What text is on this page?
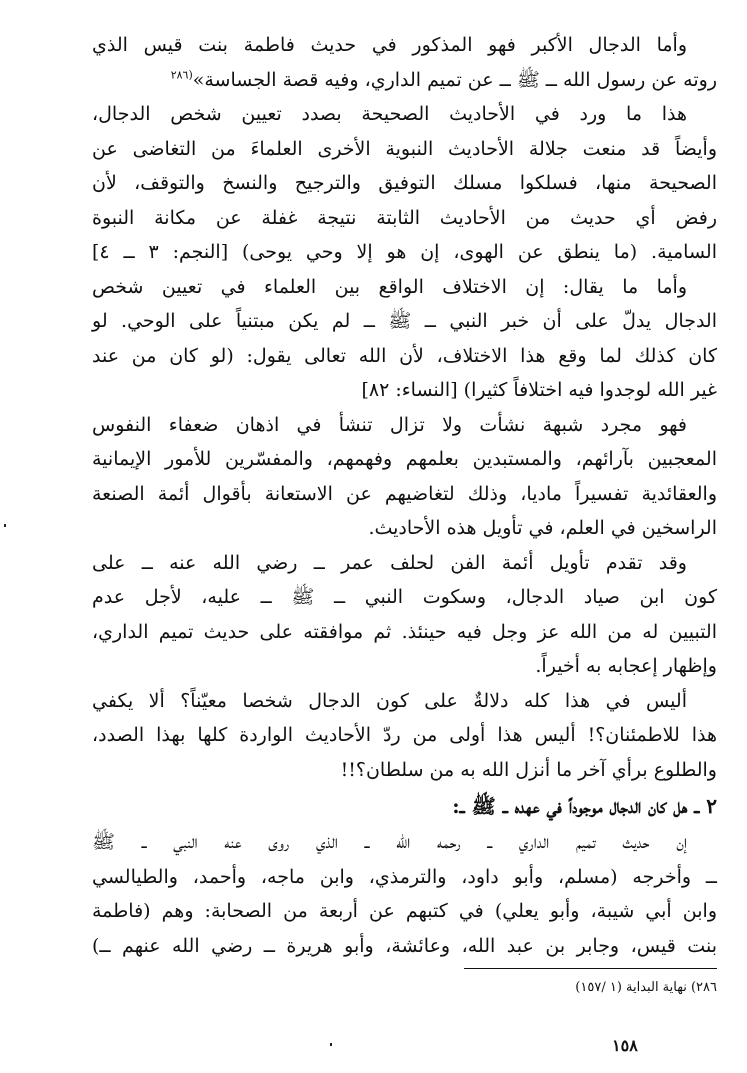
وأما الدجال الأكبر فهو المذكور في حديث فاطمة بنت قيس الذي
روته عن رسول الله ــ ﷺ ــ عن تميم الداري، وفيه قصة الجساسة»$^{(٢٨٦}$
هذا ما ورد في الأحاديث الصحيحة بصدد تعيين شخص الدجال،
وأيضاً قد منعت جلالة الأحاديث النبوية الأخرى العلماءَ من التغاضى عن
الصحيحة منها، فسلكوا مسلك التوفيق والترجيح والنسخ والتوقف، لأن
رفض أي حديث من الأحاديث الثابتة نتيجة غفلة عن مكانة النبوة
السامية. (ما ينطق عن الهوى، إن هو إلا وحي يوحى) [النجم: ٣ ــ ٤]
وأما ما يقال: إن الاختلاف الواقع بين العلماء في تعيين شخص
الدجال يدلّ على أن خبر النبي ــ ﷺ ــ لم يكن مبتنياً على الوحي. لو
كان كذلك لما وقع هذا الاختلاف، لأن الله تعالى يقول: (لو كان من عند
غير الله لوجدوا فيه اختلافاً كثيرا) [النساء: ٨٢]
فهو مجرد شبهة نشأت ولا تزال تنشأ في اذهان ضعفاء النفوس
المعجبين بآرائهم، والمستبدين بعلمهم وفهمهم، والمفسّرين للأمور الإيمانية
والعقائدية تفسيراً ماديا، وذلك لتغاضيهم عن الاستعانة بأقوال أئمة الصنعة
الراسخين في العلم، في تأويل هذه الأحاديث.
وقد تقدم تأويل أئمة الفن لحلف عمر ــ رضي الله عنه ــ على
كون ابن صياد الدجال، وسكوت النبي ــ ﷺ ــ عليه، لأجل عدم
التبيين له من الله عز وجل فيه حينئذ. ثم موافقته على حديث تميم الداري،
وإظهار إعجابه به أخيراً.
أليس في هذا كله دلالةٌ على كون الدجال شخصا معيّناً؟ ألا يكفي
هذا للاطمئنان؟! أليس هذا أولى من ردّ الأحاديث الواردة كلها بهذا الصدد،
والطلوع برأي آخر ما أنزل الله به من سلطان؟!!
٢ ــ هل كان الدجال موجوداً في عهده ــ ﷺ ــ:
إن حديث تميم الداري ــ رحمه الله ــ الذي روى عنه النبي ــ ﷺ
ــ وأخرجه (مسلم، وأبو داود، والترمذي، وابن ماجه، وأحمد، والطيالسي
وابن أبي شيبة، وأبو يعلي) في كتبهم عن أربعة من الصحابة: وهم (فاطمة
بنت قيس، وجابر بن عبد الله، وعائشة، وأبو هريرة ــ رضي الله عنهم ــ)
٢٨٦) نهاية البداية (١ /١٥٧)
١٥٨
